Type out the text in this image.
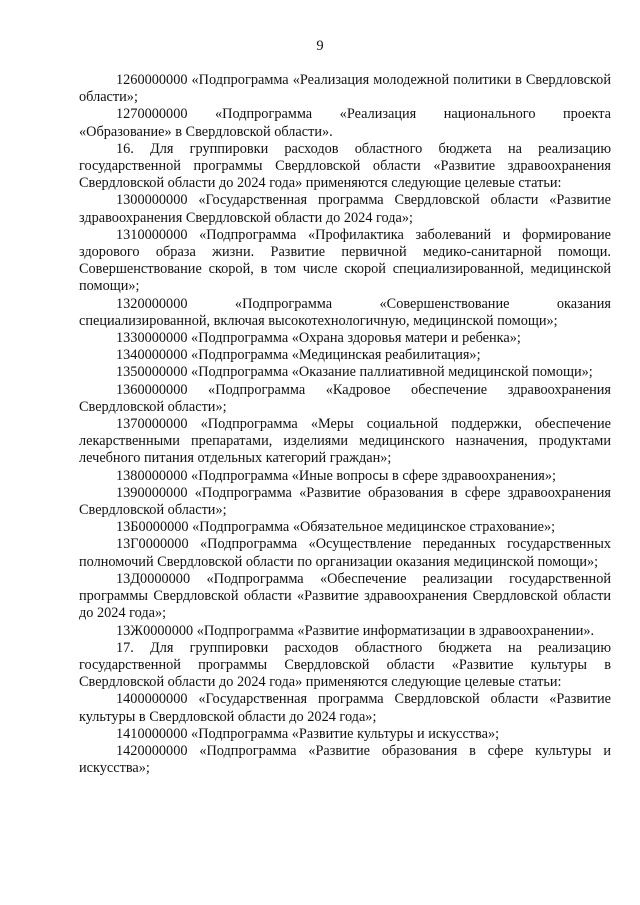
9

1260000000 «Подпрограмма «Реализация молодежной политики в Свердловской области»;

1270000000 «Подпрограмма «Реализация национального проекта «Образование» в Свердловской области».

16. Для группировки расходов областного бюджета на реализацию государственной программы Свердловской области «Развитие здравоохранения Свердловской области до 2024 года» применяются следующие целевые статьи:

1300000000 «Государственная программа Свердловской области «Развитие здравоохранения Свердловской области до 2024 года»;

1310000000 «Подпрограмма «Профилактика заболеваний и формирование здорового образа жизни. Развитие первичной медико-санитарной помощи. Совершенствование скорой, в том числе скорой специализированной, медицинской помощи»;

1320000000 «Подпрограмма «Совершенствование оказания специализированной, включая высокотехнологичную, медицинской помощи»;

1330000000 «Подпрограмма «Охрана здоровья матери и ребенка»;

1340000000 «Подпрограмма «Медицинская реабилитация»;

1350000000 «Подпрограмма «Оказание паллиативной медицинской помощи»;

1360000000 «Подпрограмма «Кадровое обеспечение здравоохранения Свердловской области»;

1370000000 «Подпрограмма «Меры социальной поддержки, обеспечение лекарственными препаратами, изделиями медицинского назначения, продуктами лечебного питания отдельных категорий граждан»;

1380000000 «Подпрограмма «Иные вопросы в сфере здравоохранения»;

1390000000 «Подпрограмма «Развитие образования в сфере здравоохранения Свердловской области»;

13Б0000000 «Подпрограмма «Обязательное медицинское страхование»;

13Г0000000 «Подпрограмма «Осуществление переданных государственных полномочий Свердловской области по организации оказания медицинской помощи»;

13Д0000000 «Подпрограмма «Обеспечение реализации государственной программы Свердловской области «Развитие здравоохранения Свердловской области до 2024 года»;

13Ж0000000 «Подпрограмма «Развитие информатизации в здравоохранении».

17. Для группировки расходов областного бюджета на реализацию государственной программы Свердловской области «Развитие культуры в Свердловской области до 2024 года» применяются следующие целевые статьи:

1400000000 «Государственная программа Свердловской области «Развитие культуры в Свердловской области до 2024 года»;

1410000000 «Подпрограмма «Развитие культуры и искусства»;

1420000000 «Подпрограмма «Развитие образования в сфере культуры и искусства»;
